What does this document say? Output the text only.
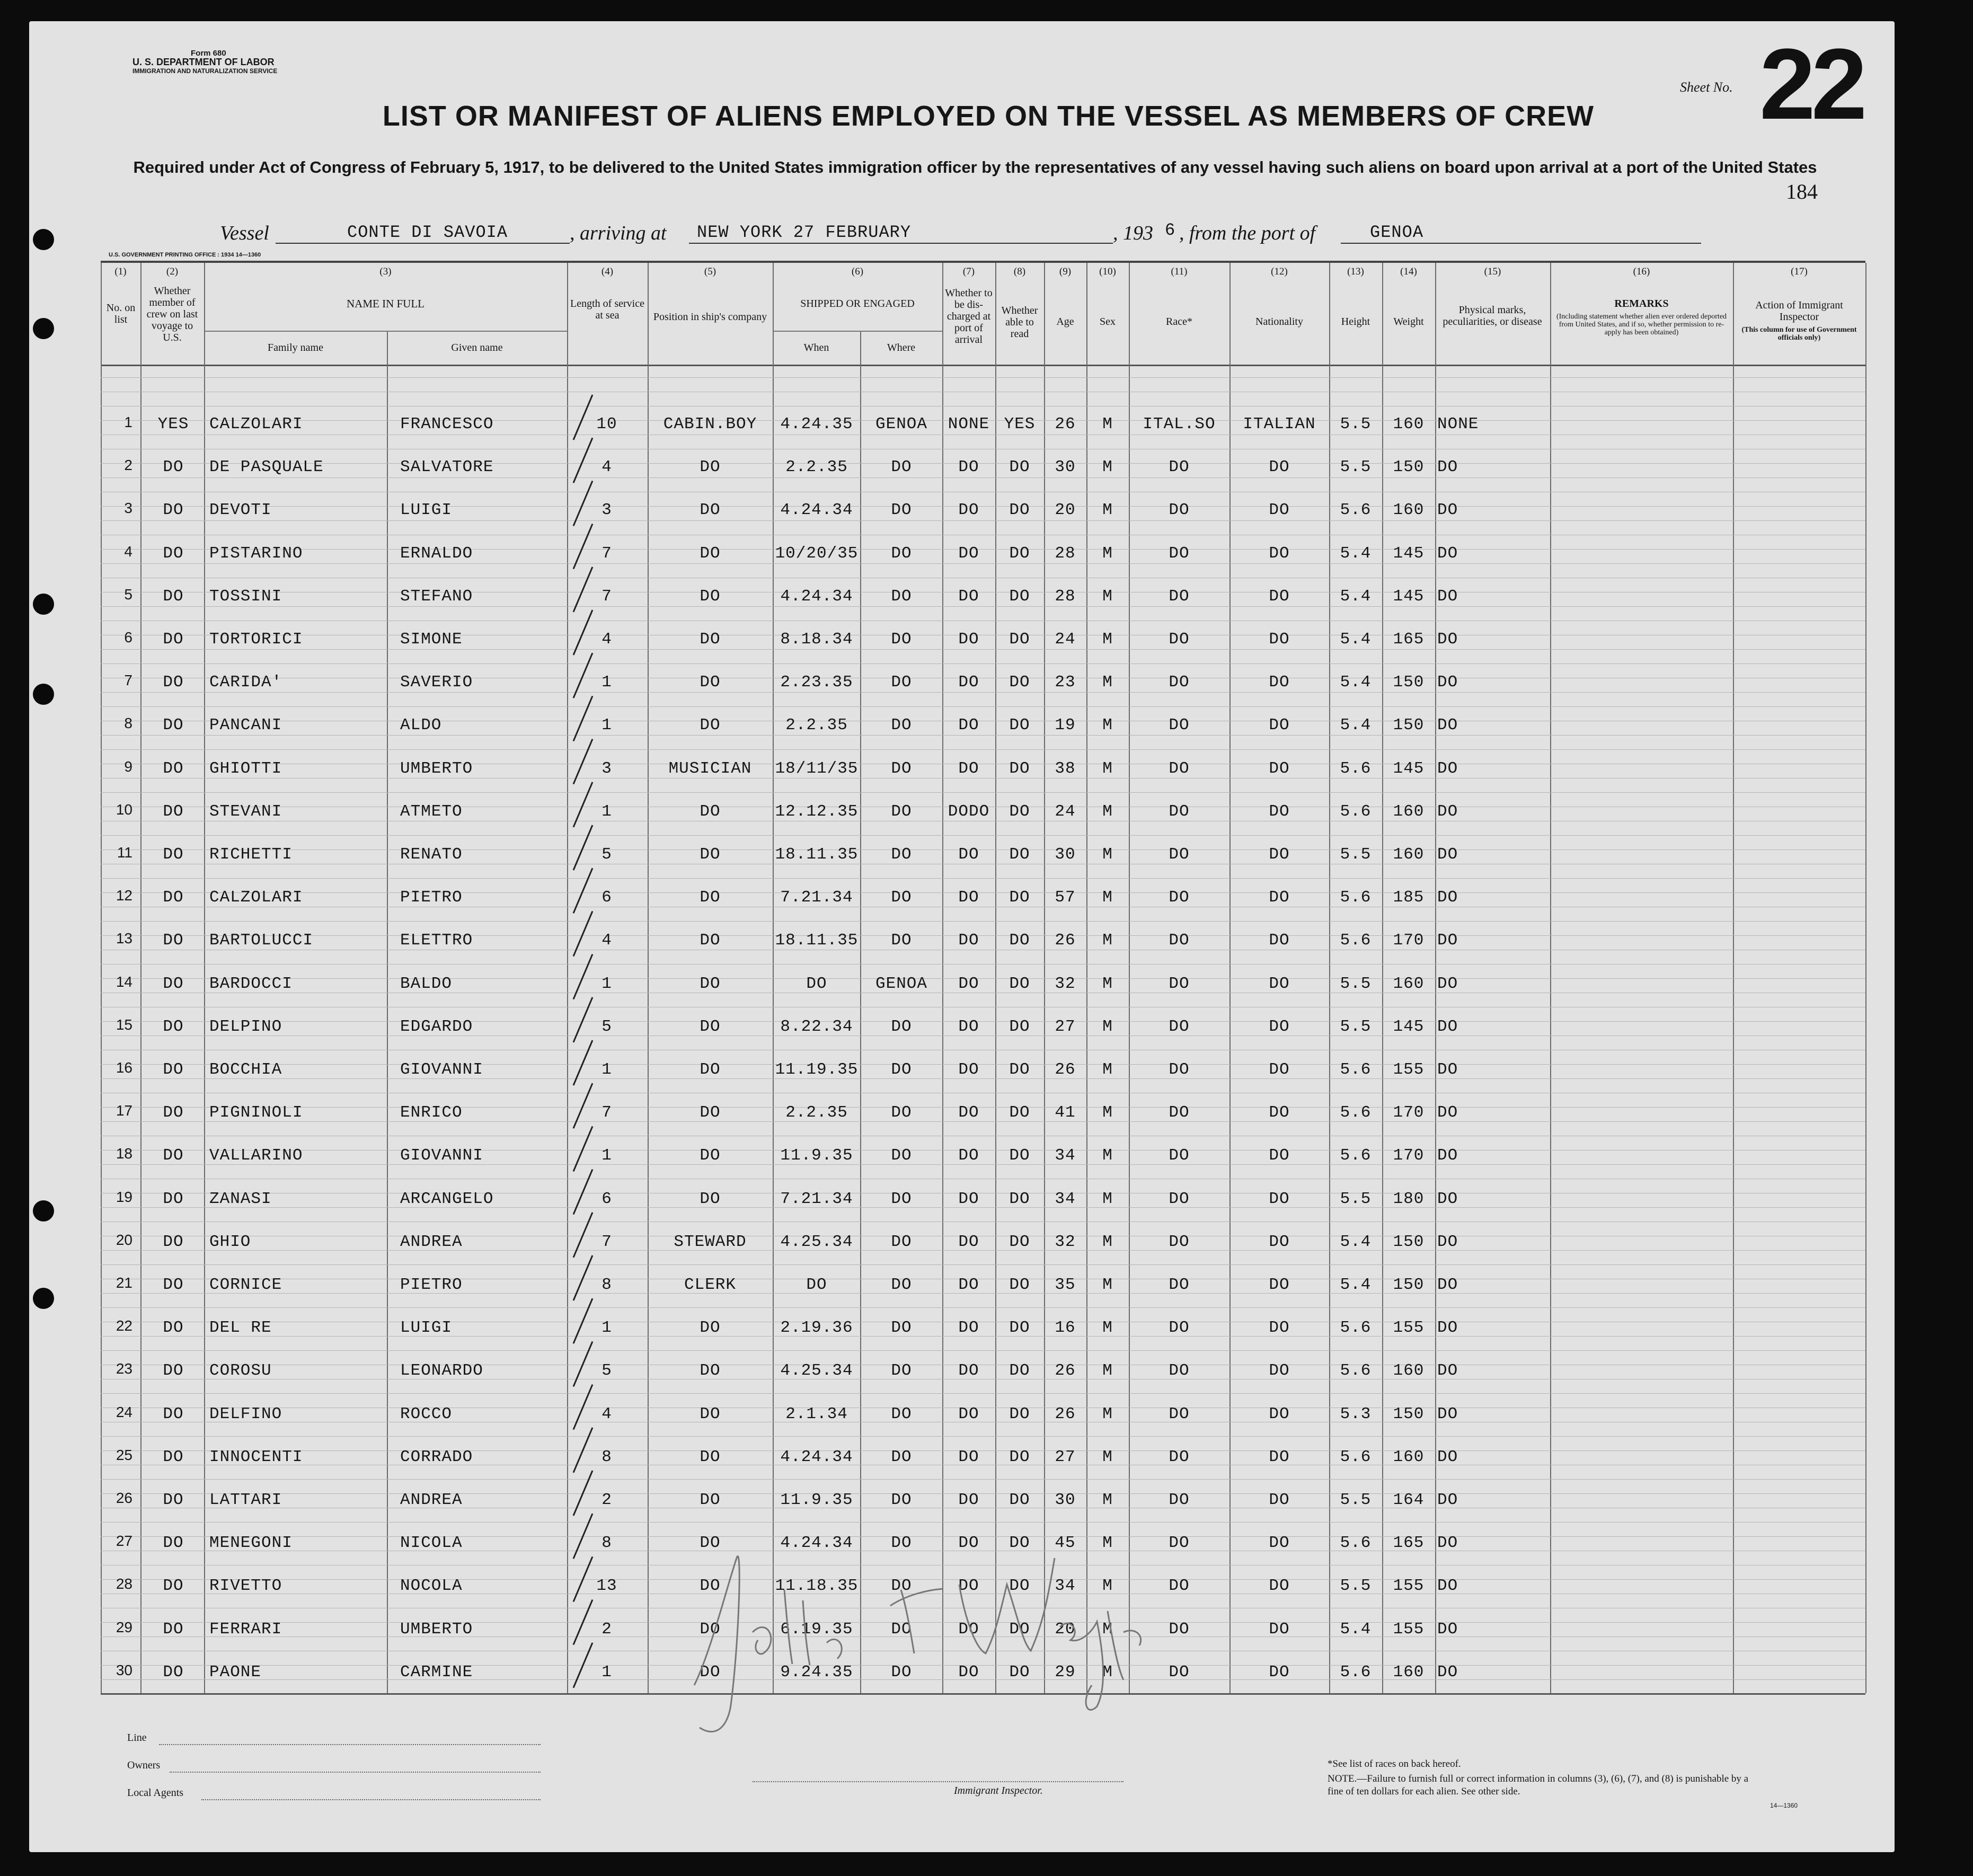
Form 680
U. S. DEPARTMENT OF LABOR
IMMIGRATION AND NATURALIZATION SERVICE
Sheet No. 22
184
LIST OR MANIFEST OF ALIENS EMPLOYED ON THE VESSEL AS MEMBERS OF CREW
Required under Act of Congress of February 5, 1917, to be delivered to the United States immigration officer by the representatives of any vessel having such aliens on board upon arrival at a port of the United States
Vessel	CONTE DI SAVOIA	, arriving at NEW YORK 27 FEBRUARY	, 193 6 , from the port of	GENOA
U.S. GOVERNMENT PRINTING OFFICE : 1934 14—1360
(1)	(2)	(3)	(4)	(5)	(6)	(7)	(8)	(9)	(10)	(11)	(12)	(13)	(14)	(15)	(16)	(17)
No. on list
Whether member of crew on last voyage to U.S.
NAME IN FULL
Family name	Given name
Length of service at sea	Position in ship's company
SHIPPED OR ENGAGED
When	Where
Whether to be dis-charged at port of arrival
Whether able to read
Age	Sex	Race*	Nationality	Height	Weight
Physical marks, peculiarities, or disease
REMARKS
(Including statement whether alien ever ordered deported from United States, and if so, whether permission to re-apply has been obtained)
Action of Immigrant Inspector
(This column for use of Government officials only)
1	YES	CALZOLARI	FRANCESCO	10	CABIN.BOY	4.24.35	GENOA	NONE YES	26	M	ITAL.SO	ITALIAN	5.5	160 NONE
2	DO	DE PASQUALE	SALVATORE	4	DO	2.2.35	DO	DO	DO	30	M	DO	DO	5.5	150 DO
3	DO	DEVOTI	LUIGI	3	DO	4.24.34	DO	DO	DO	20	M	DO	DO	5.6	160 DO
4	DO	PISTARINO	ERNALDO	7	DO	10/20/35	DO	DO	DO	28	M	DO	DO	5.4	145 DO
5	DO	TOSSINI	STEFANO	7	DO	4.24.34	DO	DO	DO	28	M	DO	DO	5.4	145 DO
6	DO	TORTORICI	SIMONE	4	DO	8.18.34	DO	DO	DO	24	M	DO	DO	5.4	165 DO
7	DO	CARIDA'	SAVERIO	1	DO	2.23.35	DO	DO	DO	23	M	DO	DO	5.4	150 DO
8	DO	PANCANI	ALDO	1	DO	2.2.35	DO	DO	DO	19	M	DO	DO	5.4	150 DO
9	DO	GHIOTTI	UMBERTO	3	MUSICIAN	18/11/35	DO	DO	DO	38	M	DO	DO	5.6	145 DO
10	DO	STEVANI	ATMETO	1	DO	12.12.35	DO	DODO	DO	24	M	DO	DO	5.6	160 DO
11	DO	RICHETTI	RENATO	5	DO	18.11.35	DO	DO	DO	30	M	DO	DO	5.5	160 DO
12	DO	CALZOLARI	PIETRO	6	DO	7.21.34	DO	DO	DO	57	M	DO	DO	5.6	185 DO
13	DO	BARTOLUCCI	ELETTRO	4	DO	18.11.35	DO	DO	DO	26	M	DO	DO	5.6	170 DO
14	DO	BARDOCCI	BALDO	1	DO	DO	GENOA	DO	DO	32	M	DO	DO	5.5	160 DO
15	DO	DELPINO	EDGARDO	5	DO	8.22.34	DO	DO	DO	27	M	DO	DO	5.5	145 DO
16	DO	BOCCHIA	GIOVANNI	1	DO	11.19.35	DO	DO	DO	26	M	DO	DO	5.6	155 DO
17	DO	PIGNINOLI	ENRICO	7	DO	2.2.35	DO	DO	DO	41	M	DO	DO	5.6	170 DO
18	DO	VALLARINO	GIOVANNI	1	DO	11.9.35	DO	DO	DO	34	M	DO	DO	5.6	170 DO
19	DO	ZANASI	ARCANGELO	6	DO	7.21.34	DO	DO	DO	34	M	DO	DO	5.5	180 DO
20	DO	GHIO	ANDREA	7	STEWARD	4.25.34	DO	DO	DO	32	M	DO	DO	5.4	150 DO
21	DO	CORNICE	PIETRO	8	CLERK	DO	DO	DO	DO	35	M	DO	DO	5.4	150 DO
22	DO	DEL RE	LUIGI	1	DO	2.19.36	DO	DO	DO	16	M	DO	DO	5.6	155 DO
23	DO	COROSU	LEONARDO	5	DO	4.25.34	DO	DO	DO	26	M	DO	DO	5.6	160 DO
24	DO	DELFINO	ROCCO	4	DO	2.1.34	DO	DO	DO	26	M	DO	DO	5.3	150 DO
25	DO	INNOCENTI	CORRADO	8	DO	4.24.34	DO	DO	DO	27	M	DO	DO	5.6	160 DO
26	DO	LATTARI	ANDREA	2	DO	11.9.35	DO	DO	DO	30	M	DO	DO	5.5	164 DO
27	DO	MENEGONI	NICOLA	8	DO	4.24.34	DO	DO	DO	45	M	DO	DO	5.6	165 DO
28	DO	RIVETTO	NOCOLA	13	DO	11.18.35	DO	DO	DO	34	M	DO	DO	5.5	155 DO
29	DO	FERRARI	UMBERTO	2	DO	6.19.35	DO	DO	DO	20	M	DO	DO	5.4	155 DO
30	DO	PAONE	CARMINE	1	DO	9.24.35	DO	DO	DO	29	M	DO	DO	5.6	160 DO
Line
Owners
Local Agents	Immigrant Inspector.
*See list of races on back hereof.
NOTE.—Failure to furnish full or correct information in columns (3), (6), (7), and (8) is punishable by a fine of ten dollars for each alien. See other side.
14—1360
